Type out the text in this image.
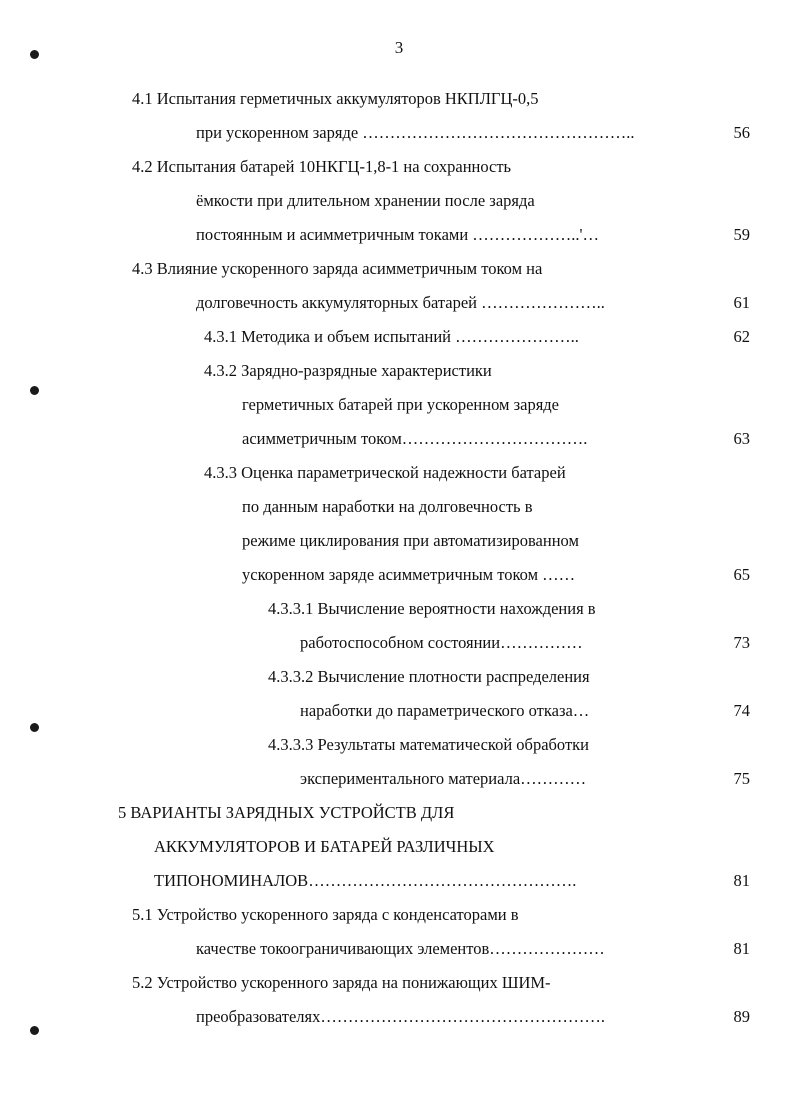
3
4.1 Испытания герметичных аккумуляторов НКПЛГЦ-0,5
при ускоренном заряде …………………………………………..	56
4.2 Испытания батарей 10НКГЦ-1,8-1 на сохранность
ёмкости при длительном хранении после заряда
постоянным и асимметричным токами ………………..'…	59
4.3 Влияние ускоренного заряда асимметричным током на
долговечность аккумуляторных батарей …………………..	61
4.3.1 Методика и объем испытаний …………………..	62
4.3.2 Зарядно-разрядные характеристики
герметичных батарей при ускоренном заряде
асимметричным током…………………………….	63
4.3.3 Оценка параметрической надежности батарей
по данным наработки на долговечность в
режиме циклирования при автоматизированном
ускоренном заряде асимметричным током ……	65
4.3.3.1 Вычисление вероятности нахождения в
работоспособном состоянии……………	73
4.3.3.2 Вычисление плотности распределения
наработки до параметрического отказа…	74
4.3.3.3 Результаты математической обработки
экспериментального материала…………	75
5 ВАРИАНТЫ ЗАРЯДНЫХ УСТРОЙСТВ ДЛЯ
АККУМУЛЯТОРОВ И БАТАРЕЙ РАЗЛИЧНЫХ
ТИПОНОМИНАЛОВ………………………………………….	81
5.1 Устройство ускоренного заряда с конденсаторами в
качестве токоограничивающих элементов…………………	81
5.2 Устройство ускоренного заряда на понижающих ШИМ-
преобразователях…………………………………………….	89
